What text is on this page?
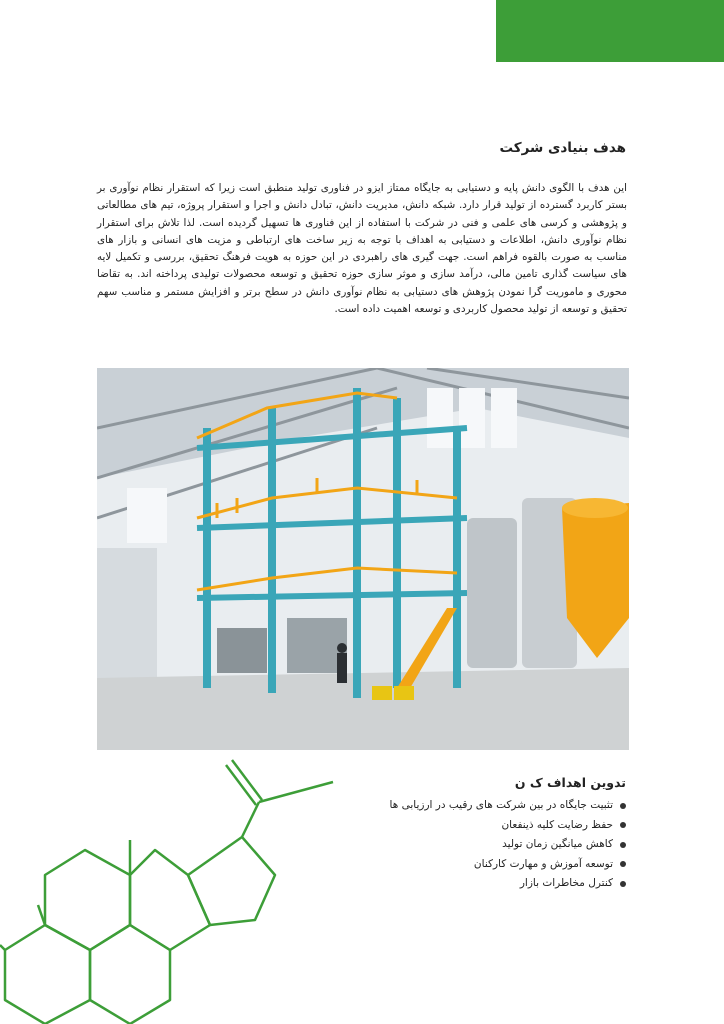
هدف بنیادی شرکت

این هدف با الگوی دانش پایه و دستیابی به جایگاه ممتاز ایزو در فناوری تولید منطبق است زیرا که استقرار نظام نوآوری بر بستر کاربرد گسترده از تولید قرار دارد. شبکه دانش، مدیریت دانش، تبادل دانش و اجرا و استقرار پروژه، تیم های مطالعاتی و پژوهشی و کرسی های علمی و فنی در شرکت با استفاده از این فناوری ها تسهیل گردیده است. لذا تلاش برای استقرار نظام نوآوری دانش، اطلاعات و دستیابی به اهداف با توجه به زیر ساخت های ارتباطی و مزیت های انسانی و بازار های مناسب به صورت بالقوه فراهم است. جهت گیری های راهبردی در این حوزه به هویت فرهنگ تحقیق، بررسی و تکمیل لایه های سیاست گذاری تامین مالی، درآمد سازی و موثر سازی حوزه تحقیق و توسعه محصولات تولیدی پرداخته اند. به تقاضا محوری و ماموریت گرا نمودن پژوهش های دستیابی به نظام نوآوری دانش در سطح برتر و افزایش مستمر و مناسب سهم تحقیق و توسعه از تولید محصول کاربردی و توسعه اهمیت داده است.

تدوین اهداف ک ن
تثبیت جایگاه در بین شرکت های رقیب در ارزیابی ها
حفظ رضایت کلیه ذینفعان
کاهش میانگین زمان تولید
توسعه آموزش و مهارت کارکنان
کنترل مخاطرات بازار
